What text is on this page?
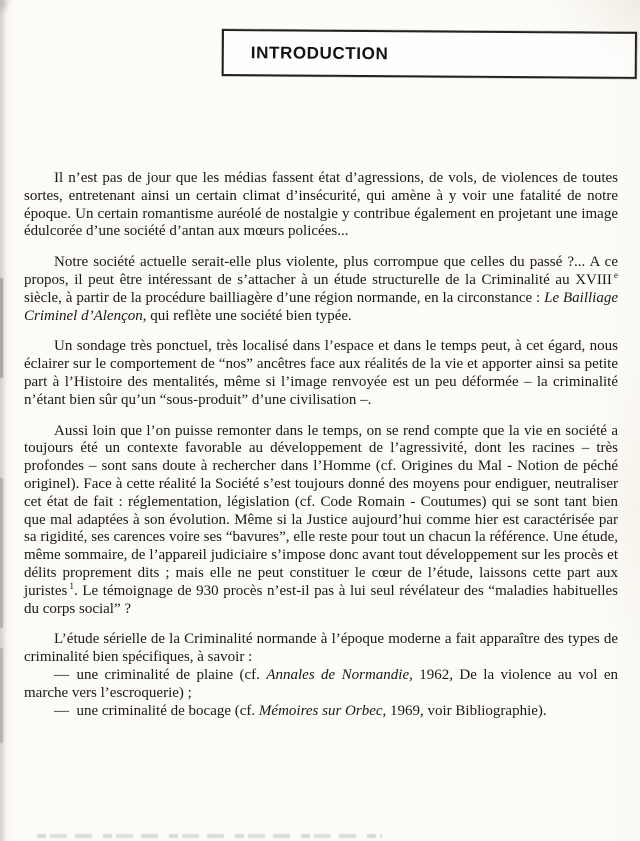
INTRODUCTION

Il n’est pas de jour que les médias fassent état d’agressions, de vols, de violences de toutes sortes, entretenant ainsi un certain climat d’insécurité, qui amène à y voir une fatalité de notre époque. Un certain romantisme auréolé de nostalgie y contribue également en projetant une image édulcorée d’une société d’antan aux mœurs policées...

Notre société actuelle serait-elle plus violente, plus corrompue que celles du passé ?... A ce propos, il peut être intéressant de s’attacher à un étude structurelle de la Criminalité au XVIII $^e$ siècle, à partir de la procédure bailliagère d’une région normande, en la circonstance : Le Bailliage Criminel d’Alençon, qui reflète une société bien typée.

Un sondage très ponctuel, très localisé dans l’espace et dans le temps peut, à cet égard, nous éclairer sur le comportement de “nos” ancêtres face aux réalités de la vie et apporter ainsi sa petite part à l’Histoire des mentalités, même si l’image renvoyée est un peu déformée – la criminalité n’étant bien sûr qu’un “sous-produit” d’une civilisation –.

Aussi loin que l’on puisse remonter dans le temps, on se rend compte que la vie en société a toujours été un contexte favorable au développement de l’agressivité, dont les racines – très profondes – sont sans doute à rechercher dans l’Homme (cf. Origines du Mal - Notion de péché originel). Face à cette réalité la Société s’est toujours donné des moyens pour endiguer, neutraliser cet état de fait : réglementation, législation (cf. Code Romain - Coutumes) qui se sont tant bien que mal adaptées à son évolution. Même si la Justice aujourd’hui comme hier est caractérisée par sa rigidité, ses carences voire ses “bavures”, elle reste pour tout un chacun la référence. Une étude, même sommaire, de l’appareil judiciaire s’impose donc avant tout développement sur les procès et délits proprement dits ; mais elle ne peut constituer le cœur de l’étude, laissons cette part aux juristes $^1$. Le témoignage de 930 procès n’est-il pas à lui seul révélateur des “maladies habituelles du corps social” ?

L’étude sérielle de la Criminalité normande à l’époque moderne a fait apparaître des types de criminalité bien spécifiques, à savoir :

— une criminalité de plaine (cf. Annales de Normandie, 1962, De la violence au vol en marche vers l’escroquerie) ;

— une criminalité de bocage (cf. Mémoires sur Orbec, 1969, voir Bibliographie).
